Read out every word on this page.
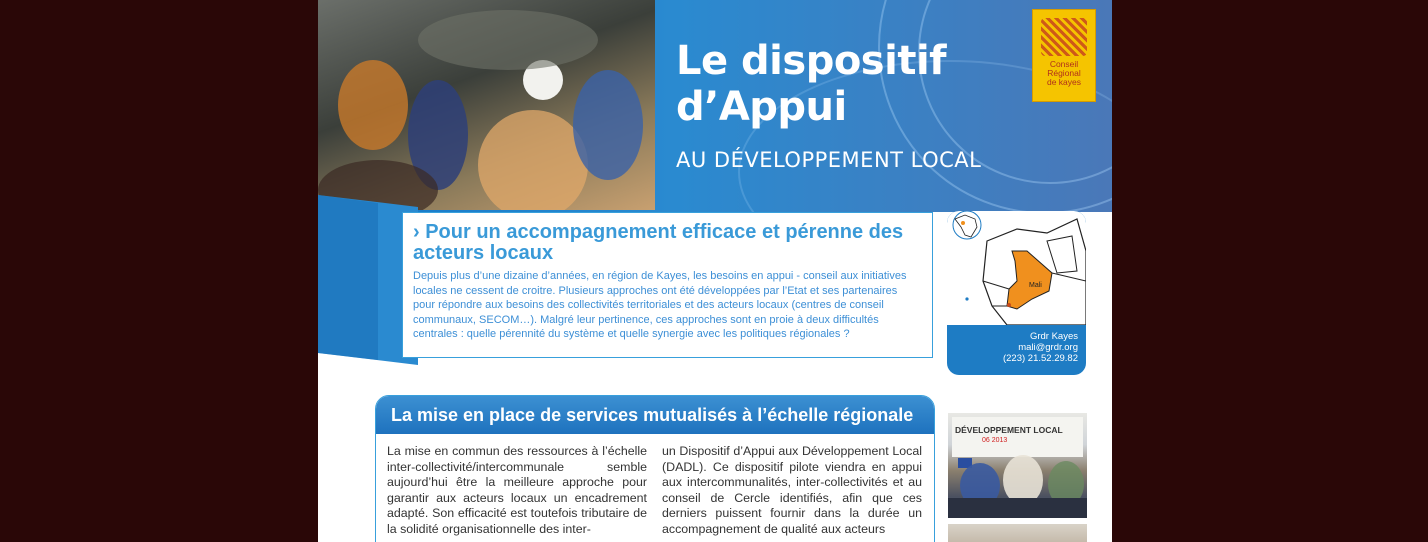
Le dispositif
d’Appui
AU DÉVELOPPEMENT LOCAL
Conseil
Régional
de kayes
› Pour un accompagnement efficace et pérenne des acteurs locaux
Depuis plus d’une dizaine d’années, en région de Kayes, les besoins en appui - conseil aux initiatives locales ne cessent de croitre. Plusieurs approches ont été développées par l’Etat et ses partenaires pour répondre aux besoins des collectivités territoriales et des acteurs locaux (centres de conseil communaux, SECOM…). Malgré leur pertinence, ces approches sont en proie à deux difficultés centrales : quelle pérennité du système et quelle synergie avec les politiques régionales ?
Mali
Grdr Kayes
mali@grdr.org
(223) 21.52.29.82
La mise en place de services mutualisés à l’échelle régionale
La mise en commun des ressources à l’échelle inter-collectivité/intercommunale semble aujourd’hui être la meilleure approche pour garantir aux acteurs locaux un encadrement adapté. Son efficacité est toutefois tributaire de la solidité organisationnelle des inter-
un Dispositif d’Appui aux Développement Local (DADL). Ce dispositif pilote viendra en appui aux intercommunalités, inter-collectivités et au conseil de Cercle identifiés, afin que ces derniers puissent fournir dans la durée un accompagnement de qualité aux acteurs
DÉVELOPPEMENT LOCAL
06 2013
